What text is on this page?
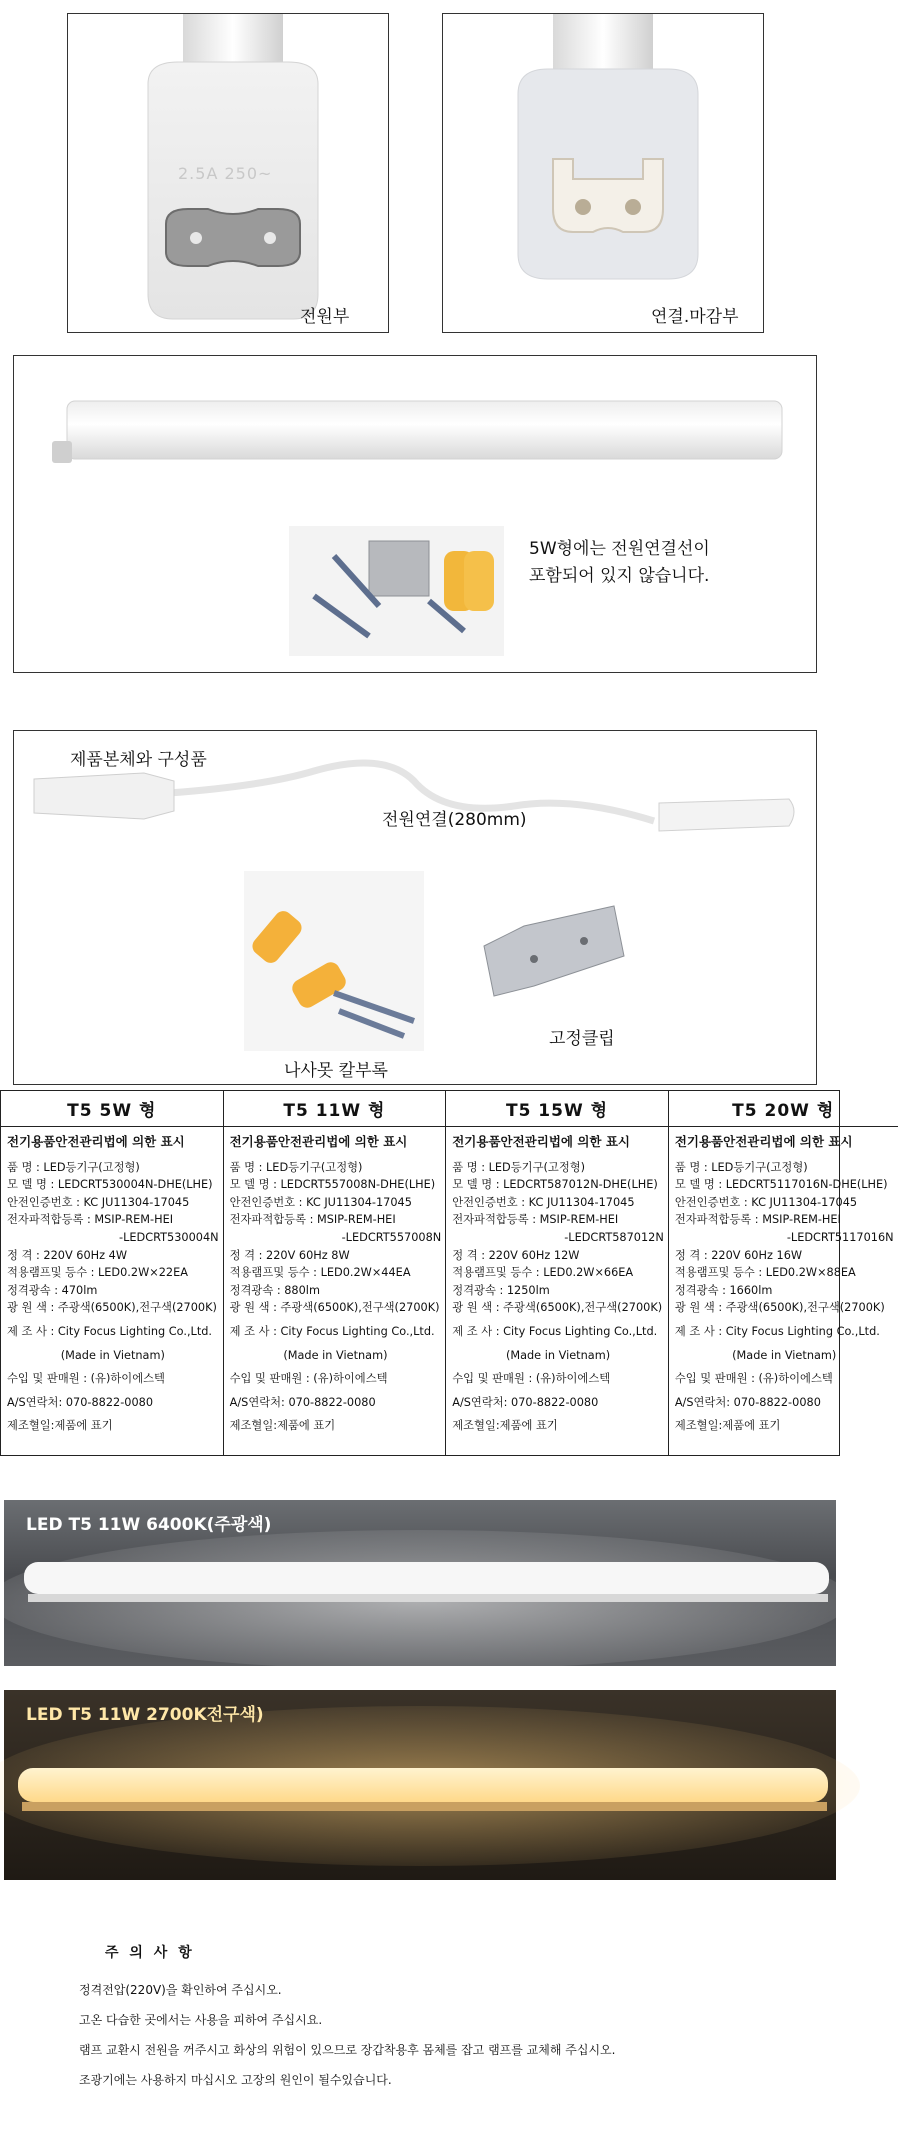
2.5A 250~
전원부	연결.마감부
5W형에는 전원연결선이
포함되어 있지 않습니다.
제품본체와 구성품
전원연결(280mm)
고정클립
나사못 칼부록
T5 5W 형
전기용품안전관리법에 의한 표시
품 명 : LED등기구(고정형)
모 델 명 : LEDCRT530004N-DHE(LHE)
안전인증번호 : KC JU11304-17045
전자파적합등록 : MSIP-REM-HEI
-LEDCRT530004N
정 격 : 220V 60Hz 4W
적용램프및 등수 : LED0.2W×22EA
정격광속 : 470lm
광 원 색 : 주광색(6500K),전구색(2700K)
제 조 사 : City Focus Lighting Co.,Ltd.
(Made in Vietnam)
수입 및 판매원 : (유)하이에스텍
A/S연락처: 070-8822-0080
제조혈일:제품에 표기
T5 11W 형
전기용품안전관리법에 의한 표시
품 명 : LED등기구(고정형)
모 델 명 : LEDCRT557008N-DHE(LHE)
안전인증번호 : KC JU11304-17045
전자파적합등록 : MSIP-REM-HEI
-LEDCRT557008N
정 격 : 220V 60Hz 8W
적용램프및 등수 : LED0.2W×44EA
정격광속 : 880lm
광 원 색 : 주광색(6500K),전구색(2700K)
제 조 사 : City Focus Lighting Co.,Ltd.
(Made in Vietnam)
수입 및 판매원 : (유)하이에스텍
A/S연락처: 070-8822-0080
제조혈일:제품에 표기
T5 15W 형
전기용품안전관리법에 의한 표시
품 명 : LED등기구(고정형)
모 델 명 : LEDCRT587012N-DHE(LHE)
안전인증번호 : KC JU11304-17045
전자파적합등록 : MSIP-REM-HEI
-LEDCRT587012N
정 격 : 220V 60Hz 12W
적용램프및 등수 : LED0.2W×66EA
정격광속 : 1250lm
광 원 색 : 주광색(6500K),전구색(2700K)
제 조 사 : City Focus Lighting Co.,Ltd.
(Made in Vietnam)
수입 및 판매원 : (유)하이에스텍
A/S연락처: 070-8822-0080
제조혈일:제품에 표기
T5 20W 형
전기용품안전관리법에 의한 표시
품 명 : LED등기구(고정형)
모 델 명 : LEDCRT5117016N-DHE(LHE)
안전인증번호 : KC JU11304-17045
전자파적합등록 : MSIP-REM-HEI
-LEDCRT5117016N
정 격 : 220V 60Hz 16W
적용램프및 등수 : LED0.2W×88EA
정격광속 : 1660lm
광 원 색 : 주광색(6500K),전구색(2700K)
제 조 사 : City Focus Lighting Co.,Ltd.
(Made in Vietnam)
수입 및 판매원 : (유)하이에스텍
A/S연락처: 070-8822-0080
제조혈일:제품에 표기
LED T5 11W 6400K(주광색)
LED T5 11W 2700K전구색)
주 의 사 항
정격전압(220V)을 확인하여 주십시오.
고온 다습한 곳에서는 사용을 피하여 주십시요.
램프 교환시 전원을 꺼주시고 화상의 위험이 있으므로 장갑착용후 몸체를 잡고 램프를 교체해 주십시오.
조광기에는 사용하지 마십시오 고장의 원인이 될수있습니다.
